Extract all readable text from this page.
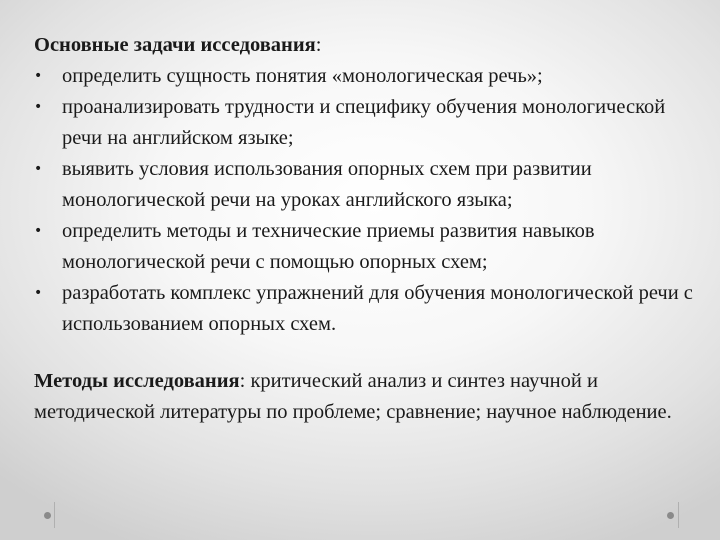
Основные задачи исседования:

• определить сущность понятия «монологическая речь»;
• проанализировать трудности и специфику обучения монологической речи на английском языке;
• выявить условия использования опорных схем при развитии монологической речи на уроках английского языка;
• определить методы и технические приемы развития навыков монологической речи с помощью опорных схем;
• разработать комплекс упражнений для обучения монологической речи с использованием опорных схем.

Методы исследования: критический анализ и синтез научной и методической литературы по проблеме; сравнение; научное наблюдение.
